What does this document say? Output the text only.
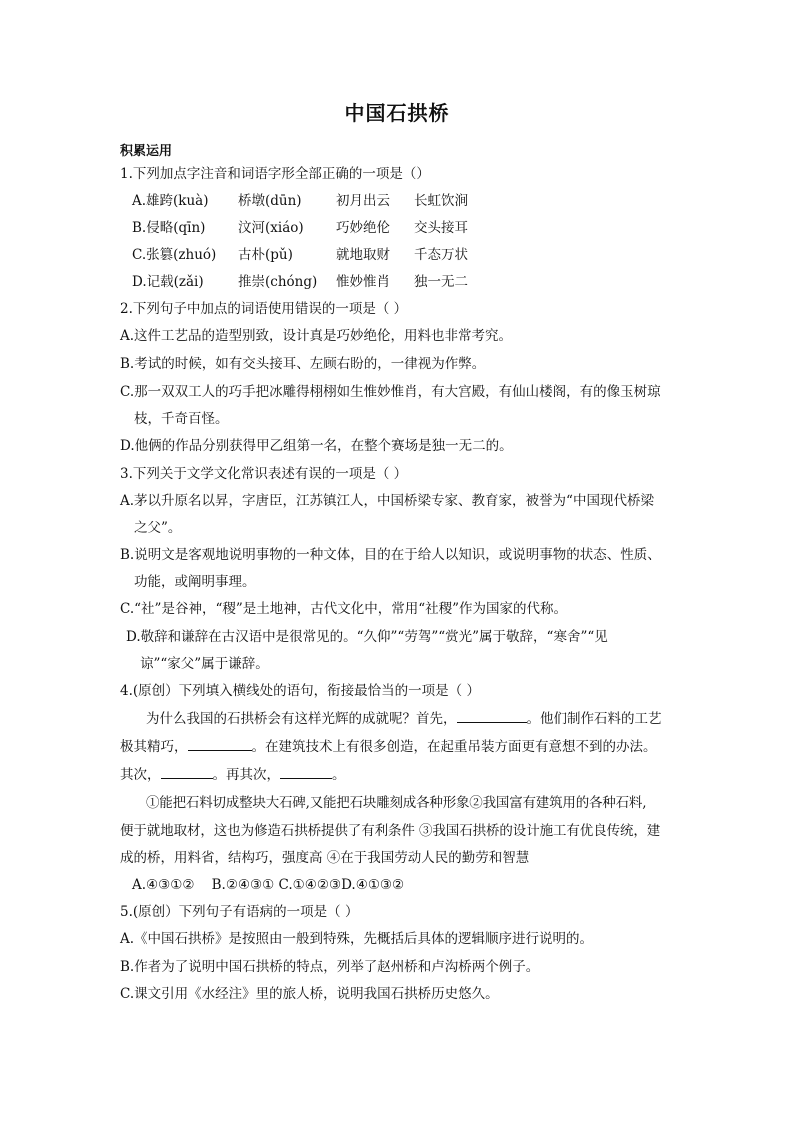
中国石拱桥
积累运用
1.下列加点字注音和词语字形全部正确的一项是（）
A.雄跨(kuà) 桥墩(dūn)	初月出云 长虹饮涧
B.侵略(qīn) 汶河(xiáo) 巧妙绝伦 交头接耳
C.张篡(zhuó) 古朴(pǔ)	就地取财 千态万状
D.记载(zǎi)	推崇(chóng) 惟妙惟肖 独一无二
2.下列句子中加点的词语使用错误的一项是（ ）
A.这件工艺品的造型别致，设计真是巧妙绝伦，用料也非常考究。
B.考试的时候，如有交头接耳、左顾右盼的，一律视为作弊。
C.那一双双工人的巧手把冰雕得栩栩如生惟妙惟肖，有大宫殿，有仙山楼阁，有的像玉树琼
枝，千奇百怪。
D.他俩的作品分别获得甲乙组第一名，在整个赛场是独一无二的。
3.下列关于文学文化常识表述有误的一项是（ ）
A.茅以升原名以昇，字唐臣，江苏镇江人，中国桥梁专家、教育家，被誉为“中国现代桥梁
之父”。
B.说明文是客观地说明事物的一种文体，目的在于给人以知识，或说明事物的状态、性质、
功能，或阐明事理。
C.“社”是谷神，“稷”是土地神，古代文化中，常用“社稷”作为国家的代称。
D.敬辞和谦辞在古汉语中是很常见的。“久仰”“劳驾”“赏光”属于敬辞，“寒舍”“见
谅”“家父”属于谦辞。
4.(原创）下列填入横线处的语句，衔接最恰当的一项是（ ）
为什么我国的石拱桥会有这样光辉的成就呢？首先，	。他们制作石料的工艺
极其精巧，	。在建筑技术上有很多创造，在起重吊装方面更有意想不到的办法。
其次，	。再其次，	。
①能把石料切成整块大石碑,又能把石块雕刻成各种形象②我国富有建筑用的各种石料,
便于就地取材，这也为修造石拱桥提供了有利条件 ③我国石拱桥的设计施工有优良传统，建
成的桥，用料省，结构巧，强度高 ④在于我国劳动人民的勤劳和智慧
A.④③①②    B.②④③① C.①④②③D.④①③②
5.(原创）下列句子有语病的一项是（ ）
A.《中国石拱桥》是按照由一般到特殊，先概括后具体的逻辑顺序进行说明的。
B.作者为了说明中国石拱桥的特点，列举了赵州桥和卢沟桥两个例子。
C.课文引用《水经注》里的旅人桥，说明我国石拱桥历史悠久。
